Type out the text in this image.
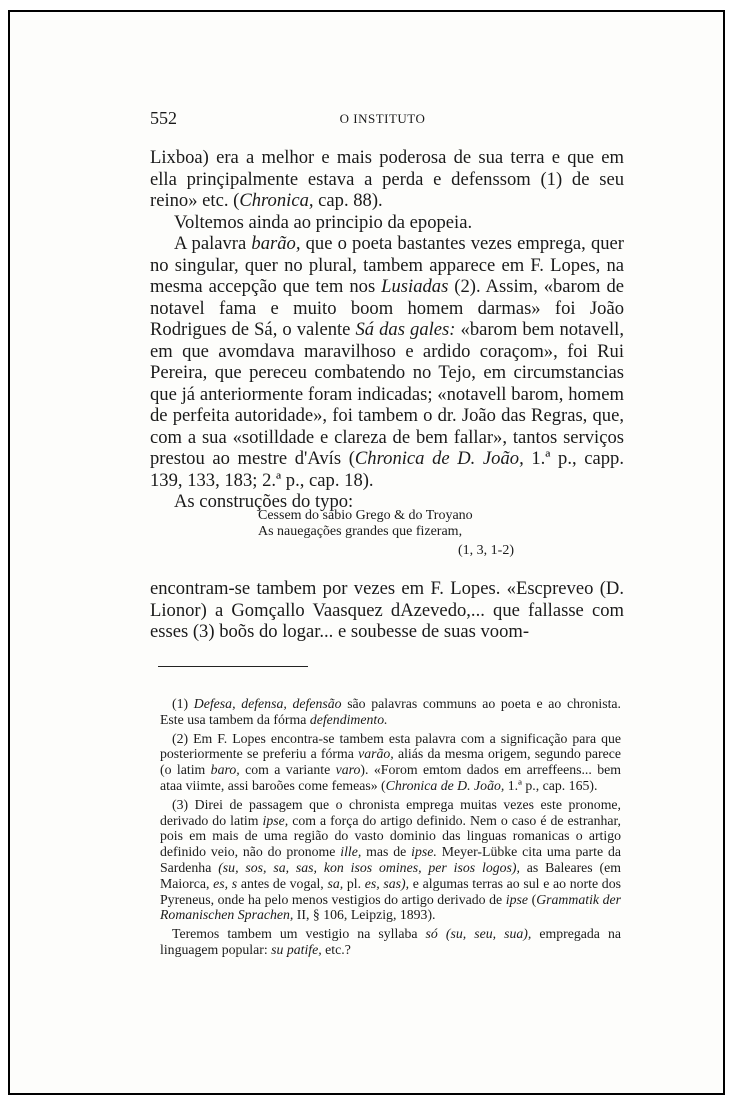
552	O INSTITUTO

Lixboa) era a melhor e mais poderosa de sua terra e que em ella prinçipalmente estava a perda e defenssom (1) de seu reino» etc. (Chronica, cap. 88).

Voltemos ainda ao principio da epopeia.

A palavra barão, que o poeta bastantes vezes emprega, quer no singular, quer no plural, tambem apparece em F. Lopes, na mesma accepção que tem nos Lusiadas (2). Assim, «barom de notavel fama e muito boom homem darmas» foi João Rodrigues de Sá, o valente Sá das gales: «barom bem notavell, em que avomdava maravilhoso e ardido coraçom», foi Rui Pereira, que pereceu combatendo no Tejo, em circumstancias que já anteriormente foram indicadas; «notavell barom, homem de perfeita autoridade», foi tambem o dr. João das Regras, que, com a sua «sotilldade e clareza de bem fallar», tantos serviços prestou ao mestre d'Avís (Chronica de D. João, 1.ª p., capp. 139, 133, 183; 2.ª p., cap. 18).

As construções do typo:

Cessem do sabio Grego & do Troyano
As nauegações grandes que fizeram,
(1, 3, 1-2)

encontram-se tambem por vezes em F. Lopes. «Escpreveo (D. Lionor) a Gomçallo Vaasquez dAzevedo,... que fallasse com esses (3) boõs do logar... e soubesse de suas voom-

(1) Defesa, defensa, defensão são palavras communs ao poeta e ao chronista. Este usa tambem da fórma defendimento.

(2) Em F. Lopes encontra-se tambem esta palavra com a significação para que posteriormente se preferiu a fórma varão, aliás da mesma origem, segundo parece (o latim baro, com a variante varo). «Forom emtom dados em arreffeens... bem ataa viimte, assi baroões come femeas» (Chronica de D. João, 1.ª p., cap. 165).

(3) Direi de passagem que o chronista emprega muitas vezes este pronome, derivado do latim ipse, com a força do artigo definido. Nem o caso é de estranhar, pois em mais de uma região do vasto dominio das linguas romanicas o artigo definido veio, não do pronome ille, mas de ipse. Meyer-Lübke cita uma parte da Sardenha (su, sos, sa, sas, kon isos omines, per isos logos), as Baleares (em Maiorca, es, s antes de vogal, sa, pl. es, sas), e algumas terras ao sul e ao norte dos Pyreneus, onde ha pelo menos vestigios do artigo derivado de ipse (Grammatik der Romanischen Sprachen, II, § 106, Leipzig, 1893).

Teremos tambem um vestigio na syllaba só (su, seu, sua), empregada na linguagem popular: su patife, etc.?
